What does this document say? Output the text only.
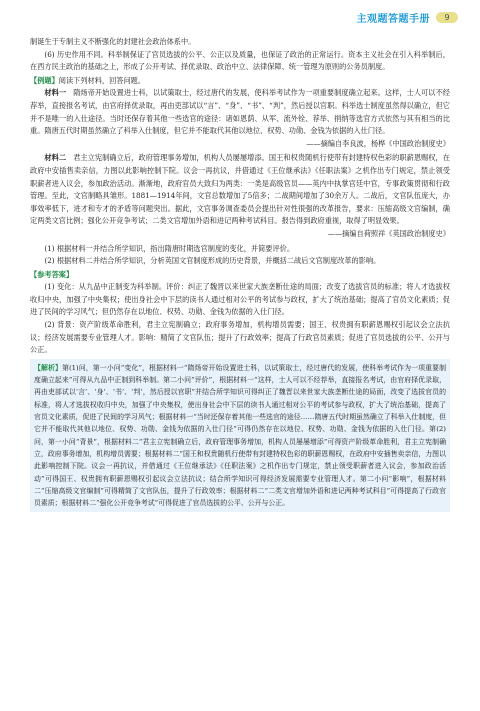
主观题答题手册	9

制诞生于专制主义不断强化的封建社会政治体系中。

(6) 历史作用不同。科举制保证了官员选拔的公平、公正以及质量，也保证了政治的正常运行。资本主义社会在引入科举制后，在西方民主政治的基础之上，形成了公开考试、择优录取、政治中立、法律保障、统一管理为原则的公务员制度。

【例题】阅读下列材料，回答问题。

材料一 隋炀帝开始设置进士科，以试策取士，经过唐代的发展，使科举考试作为一项重要制度确立起来。这样，士人可以不经荐举，直接报名考试，由官府择优录取，再由吏部试以“言”、“身”、“书”、“判”，然后授以官职。科举选士制度虽然得以确立，但它并不是唯一的入仕途径。当时还保存着其他一些选官的途径：诸如恩荫、从军、流外铨、荐举、捐纳等选官方式依然与其有相当的比重。隋唐五代时期虽然确立了科举入仕制度，但它并不能取代其他以地位、权势、功勋、金钱为依据的入仕门径。

——摘编自李良波，杨桦《中国政治制度史》

材料二 君主立宪制确立后，政府管理事务增加，机构人员屡屡增添。国王和权贵随机行使带有封建特权色彩的职薪恩赐权，在政府中安插售卖亲信，力图以此影响控制下院。议会一再抗议，并借通过《王位继承法》《任职法案》之机作出专门规定，禁止领受职薪者进入议会，参加政治活动。渐渐地，政府官员大致归为两类：一类是高级官员——英内中执掌宫廷中官，专事政策贯彻和行政管理。至此，文官制略具雏形。1881—1914年间，文官总数增加了5倍多；二战期间增加了30余万人。二战后，文官队伍庞大，办事效率低下，进才和专才的矛盾等问题突出。据此，文官事务调查委员会提出针对性很强的改革报告，要求：压缩高级文官编制，确定两类文官比例；强化公开竞争考试；二类文官增加外语和进记两种考试科目。报告得到政府重视，取得了明显效果。

——摘编自荷照祥《英国政治制度史》

(1) 根据材料一并结合所学知识，指出隋唐时期选官制度的变化，并简要评价。

(2) 根据材料二并结合所学知识，分析英国文官制度形成的历史背景，并概括二战后文官制度改革的影响。

【参考答案】

(1) 变化：从九品中正制变为科举制。评价：纠正了魏晋以来世家大族垄断仕途的局面；改变了选拔官员的标准；将人才选拔权收归中央，加强了中央集权；使出身社会中下层的读书人通过相对公平的考试参与政权，扩大了统治基础；提高了官员文化素质；促进了民间的学习风气；但仍然存在以地位、权势、功勋、金钱为依据的入仕门径。

(2) 背景：资产阶级革命胜利，君主立宪制确立；政府事务增加，机构增员需要；国王、权贵拥有职薪恩赐权引起议会立法抗议；经济发展需要专业管理人才。影响：精简了文官队伍；提升了行政效率；提高了行政官员素质；促进了官员选拔的公平、公开与公正。

【解析】第(1)问，第一小问“变化”，根据材料一“隋炀帝开始设置进士科，以试策取士，经过唐代的发展，使科举考试作为一项重要制度确立起来”可得从九品中正制到科举制。第二小问“评价”，根据材料一“这样，士人可以不经荐举，直接报名考试，由官府择优录取，再由吏部试以‘言’、‘身’、‘书’、‘判’，然后授以官职”并结合所学知识可得纠正了魏晋以来世家大族垄断仕途的局面，改变了选拔官员的标准，将人才选拔权收归中央，加强了中央集权，使出身社会中下层的读书人通过相对公平的考试参与政权，扩大了统治基础，提高了官员文化素质，促进了民间的学习风气；根据材料一“当时还保存着其他一些选官的途径……隋唐五代时期虽然确立了科举入仕制度，但它并不能取代其他以地位、权势、功勋、金钱为依据的入仕门径”可得仍然存在以地位、权势、功勋、金钱为依据的入仕门径。第(2)问，第一小问“背景”，根据材料二“君主立宪制确立后，政府管理事务增加，机构人员屡屡增添”可得资产阶级革命胜利，君主立宪制确立，政府事务增加，机构增员需要；根据材料二“国王和权贵随机行使带有封建特权色彩的职薪恩赐权，在政府中安插售卖亲信，力图以此影响控制下院。议会一再抗议，并借通过《王位继承法》《任职法案》之机作出专门规定，禁止领受职薪者进入议会，参加政治活动”可得国王、权贵拥有职薪恩赐权引起议会立法抗议；结合所学知识可得经济发展需要专业管理人才。第二小问“影响”，根据材料二“压缩高级文官编制”可得精简了文官队伍，提升了行政效率；根据材料二“二类文官增加外语和进记两种考试科目”可得提高了行政官员素质；根据材料二“强化公开竞争考试”可得促进了官员选拔的公平、公开与公正。
